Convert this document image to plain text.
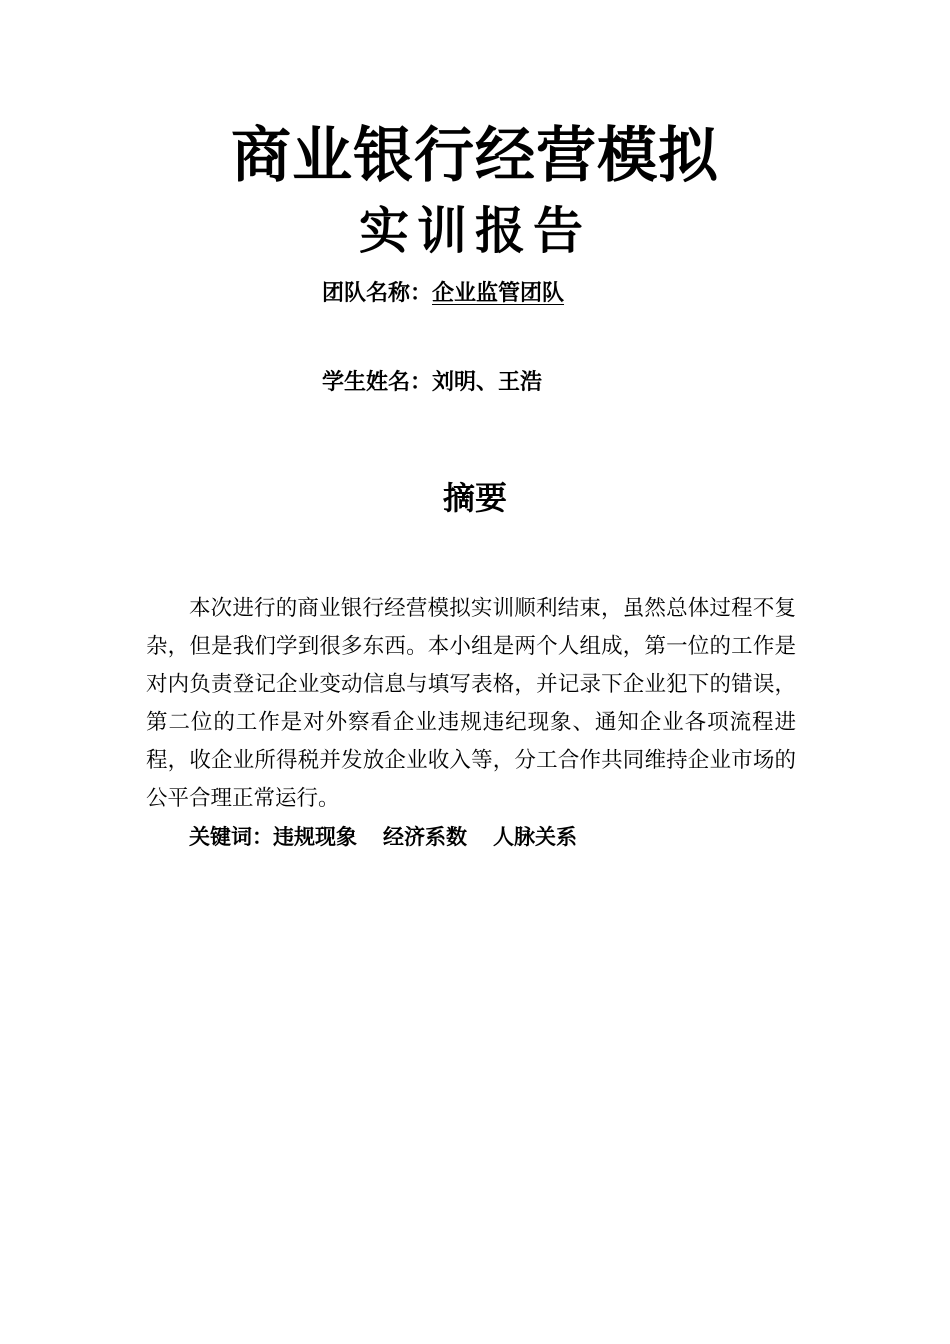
商业银行经营模拟
实训报告
团队名称：企业监管团队
学生姓名：刘明、王浩
摘要

本次进行的商业银行经营模拟实训顺利结束，虽然总体过程不复杂，但是我们学到很多东西。本小组是两个人组成，第一位的工作是对内负责登记企业变动信息与填写表格，并记录下企业犯下的错误，第二位的工作是对外察看企业违规违纪现象、通知企业各项流程进程，收企业所得税并发放企业收入等，分工合作共同维持企业市场的公平合理正常运行。

关键词：违规现象 经济系数 人脉关系
